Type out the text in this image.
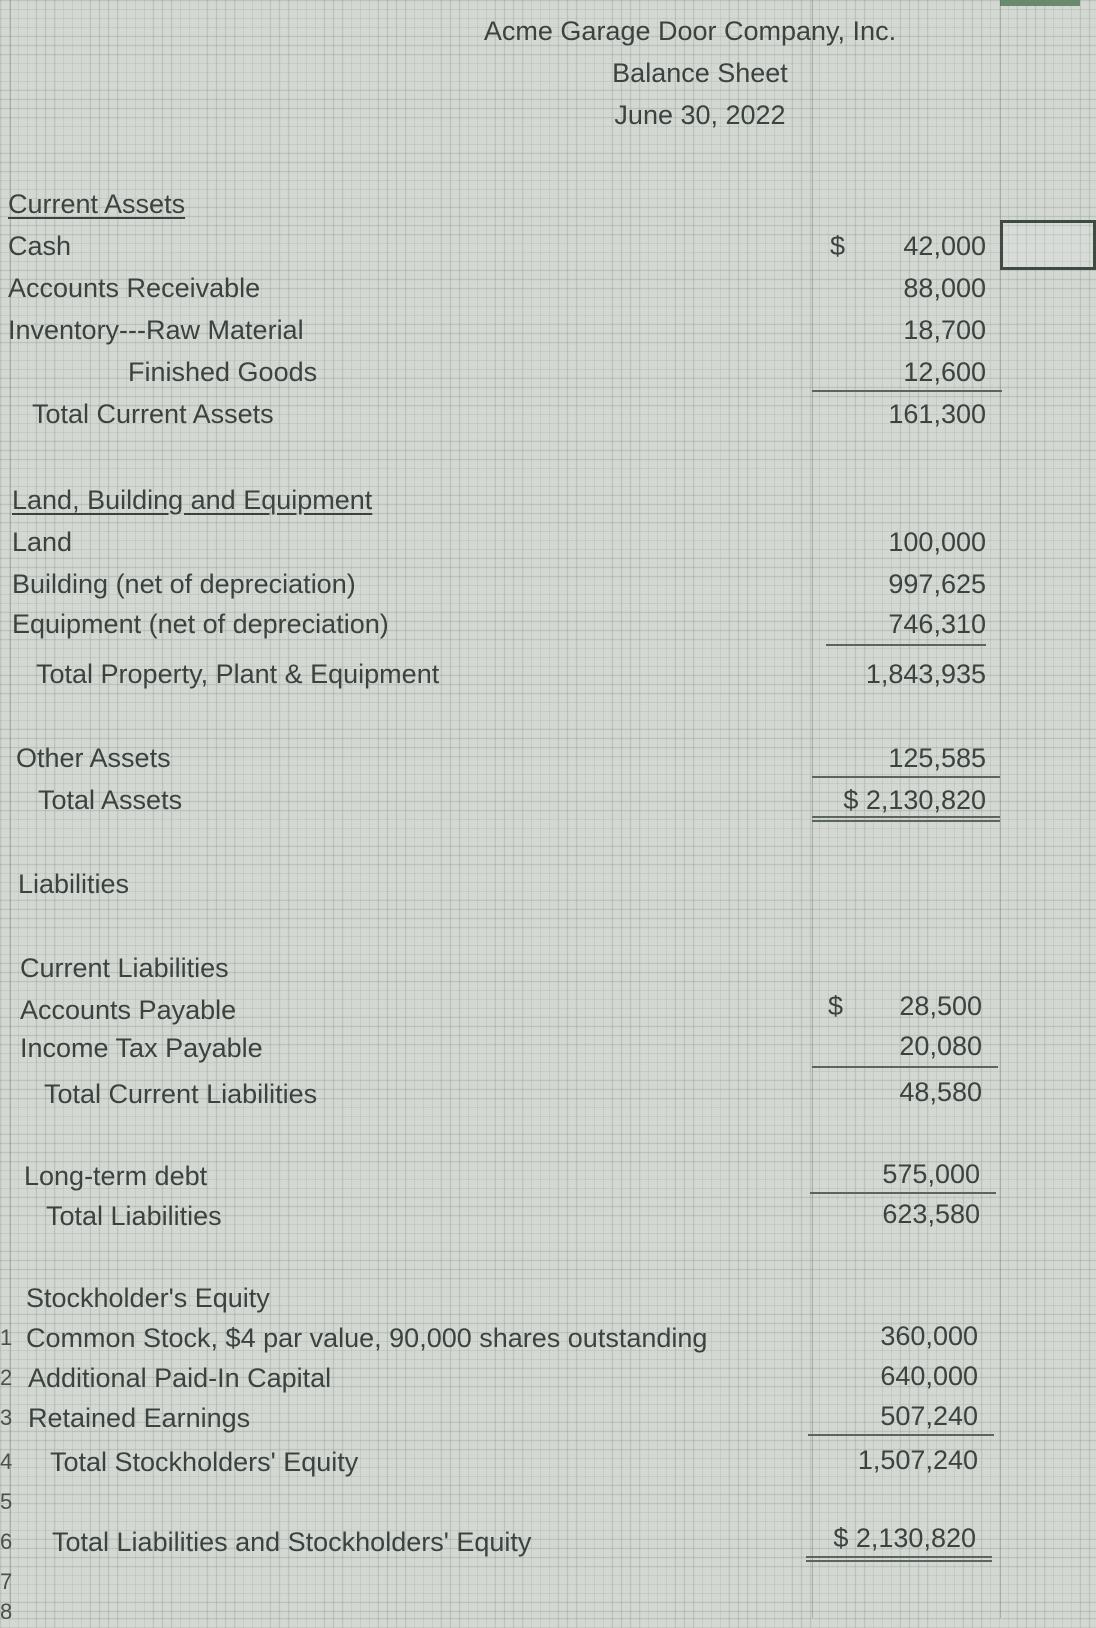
Acme Garage Door Company, Inc.
Balance Sheet
June 30, 2022
Current Assets
Cash	$	42,000
Accounts Receivable	88,000
Inventory---Raw Material	18,700
Finished Goods	12,600
Total Current Assets	161,300
Land, Building and Equipment
Land	100,000
Building (net of depreciation)	997,625
Equipment (net of depreciation)	746,310
Total Property, Plant & Equipment	1,843,935
Other Assets	125,585
Total Assets	$ 2,130,820
Liabilities
Current Liabilities
Accounts Payable	$	28,500
Income Tax Payable	20,080
Total Current Liabilities	48,580
Long-term debt	575,000
Total Liabilities	623,580
Stockholder's Equity
Common Stock, $4 par value, 90,000 shares outstanding	360,000
Additional Paid-In Capital	640,000
Retained Earnings	507,240
Total Stockholders' Equity	1,507,240
Total Liabilities and Stockholders' Equity	$ 2,130,820
1
2
3
4
5
6
7
8
